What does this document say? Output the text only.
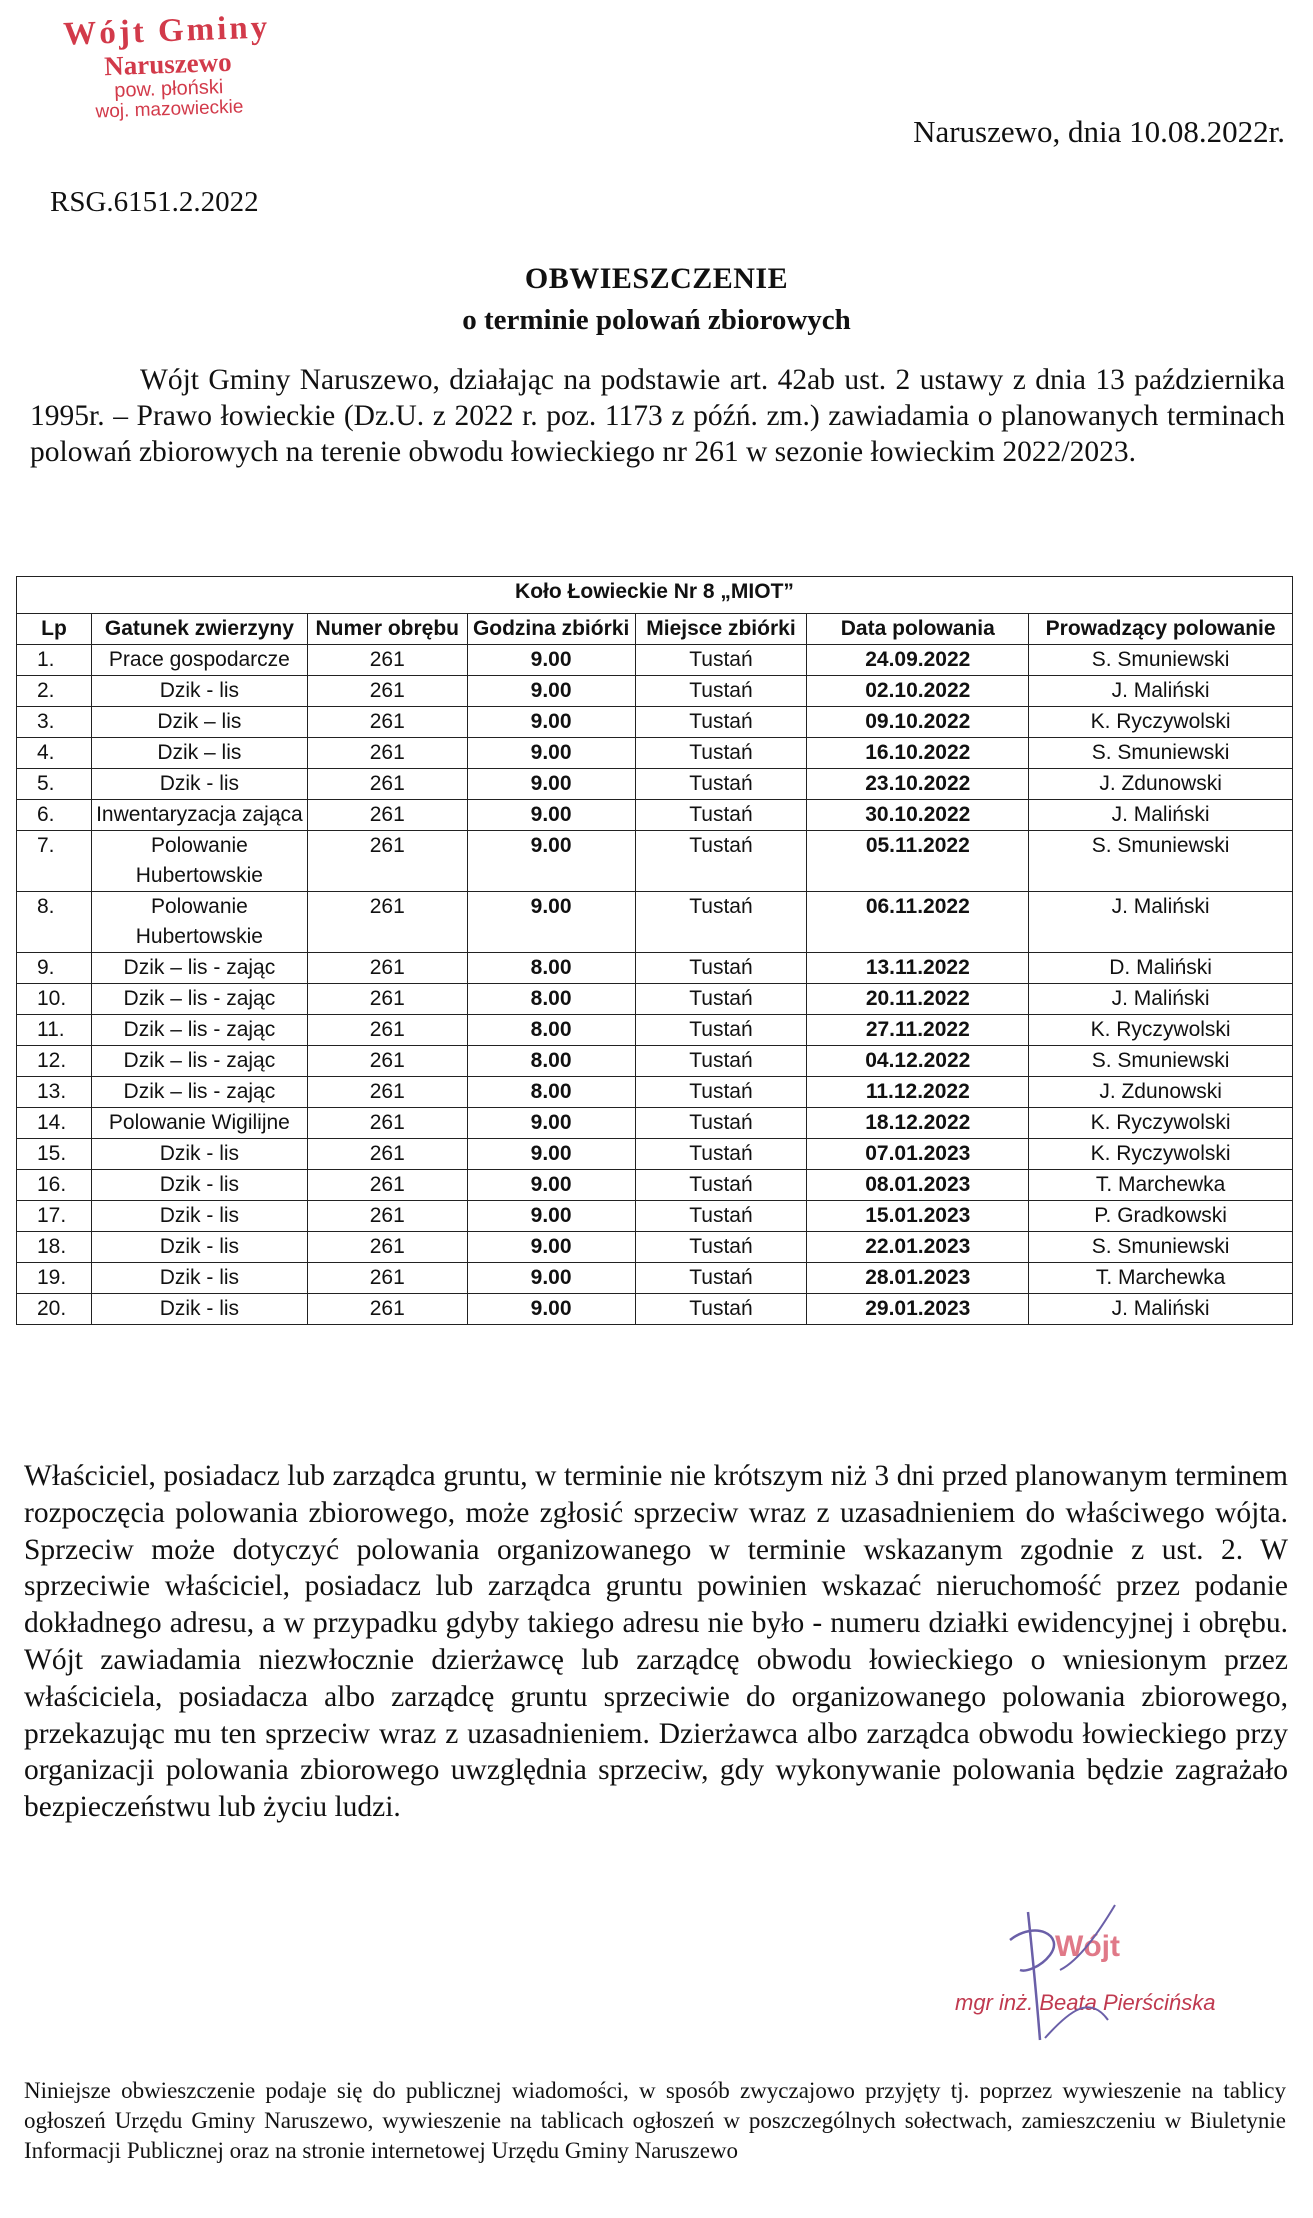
Wójt Gminy
Naruszewo
pow. płoński
woj. mazowieckie
Naruszewo, dnia 10.08.2022r.
RSG.6151.2.2022
OBWIESZCZENIE
o terminie polowań zbiorowych
Wójt Gminy Naruszewo, działając na podstawie art. 42ab ust. 2 ustawy z dnia 13 października 1995r. – Prawo łowieckie (Dz.U. z 2022 r. poz. 1173 z późń. zm.) zawiadamia o planowanych terminach polowań zbiorowych na terenie obwodu łowieckiego nr 261 w sezonie łowieckim 2022/2023.
Koło Łowieckie Nr 8 „MIOT”						
Lp	Gatunek zwierzyny	Numer obrębu	Godzina zbiórki	Miejsce zbiórki	Data polowania	Prowadzący polowanie
1.	Prace gospodarcze	261	9.00	Tustań	24.09.2022	S. Smuniewski
2.	Dzik - lis	261	9.00	Tustań	02.10.2022	J. Maliński
3.	Dzik – lis	261	9.00	Tustań	09.10.2022	K. Ryczywolski
4.	Dzik – lis	261	9.00	Tustań	16.10.2022	S. Smuniewski
5.	Dzik - lis	261	9.00	Tustań	23.10.2022	J. Zdunowski
6.	Inwentaryzacja zająca	261	9.00	Tustań	30.10.2022	J. Maliński
7.	Polowanie Hubertowskie	261	9.00	Tustań	05.11.2022	S. Smuniewski
8.	Polowanie Hubertowskie	261	9.00	Tustań	06.11.2022	J. Maliński
9.	Dzik – lis - zając	261	8.00	Tustań	13.11.2022	D. Maliński
10.	Dzik – lis - zając	261	8.00	Tustań	20.11.2022	J. Maliński
11.	Dzik – lis - zając	261	8.00	Tustań	27.11.2022	K. Ryczywolski
12.	Dzik – lis - zając	261	8.00	Tustań	04.12.2022	S. Smuniewski
13.	Dzik – lis - zając	261	8.00	Tustań	11.12.2022	J. Zdunowski
14.	Polowanie Wigilijne	261	9.00	Tustań	18.12.2022	K. Ryczywolski
15.	Dzik - lis	261	9.00	Tustań	07.01.2023	K. Ryczywolski
16.	Dzik - lis	261	9.00	Tustań	08.01.2023	T. Marchewka
17.	Dzik - lis	261	9.00	Tustań	15.01.2023	P. Gradkowski
18.	Dzik - lis	261	9.00	Tustań	22.01.2023	S. Smuniewski
19.	Dzik - lis	261	9.00	Tustań	28.01.2023	T. Marchewka
20.	Dzik - lis	261	9.00	Tustań	29.01.2023	J. Maliński
Właściciel, posiadacz lub zarządca gruntu, w terminie nie krótszym niż 3 dni przed planowanym terminem rozpoczęcia polowania zbiorowego, może zgłosić sprzeciw wraz z uzasadnieniem do właściwego wójta. Sprzeciw może dotyczyć polowania organizowanego w terminie wskazanym zgodnie z ust. 2. W sprzeciwie właściciel, posiadacz lub zarządca gruntu powinien wskazać nieruchomość przez podanie dokładnego adresu, a w przypadku gdyby takiego adresu nie było - numeru działki ewidencyjnej i obrębu. Wójt zawiadamia niezwłocznie dzierżawcę lub zarządcę obwodu łowieckiego o wniesionym przez właściciela, posiadacza albo zarządcę gruntu sprzeciwie do organizowanego polowania zbiorowego, przekazując mu ten sprzeciw wraz z uzasadnieniem. Dzierżawca albo zarządca obwodu łowieckiego przy organizacji polowania zbiorowego uwzględnia sprzeciw, gdy wykonywanie polowania będzie zagrażało bezpieczeństwu lub życiu ludzi.
Wójt
mgr inż. Beata Pierścińska
Niniejsze obwieszczenie podaje się do publicznej wiadomości, w sposób zwyczajowo przyjęty tj. poprzez wywieszenie na tablicy ogłoszeń Urzędu Gminy Naruszewo, wywieszenie na tablicach ogłoszeń w poszczególnych sołectwach, zamieszczeniu w Biuletynie Informacji Publicznej oraz na stronie internetowej Urzędu Gminy Naruszewo
